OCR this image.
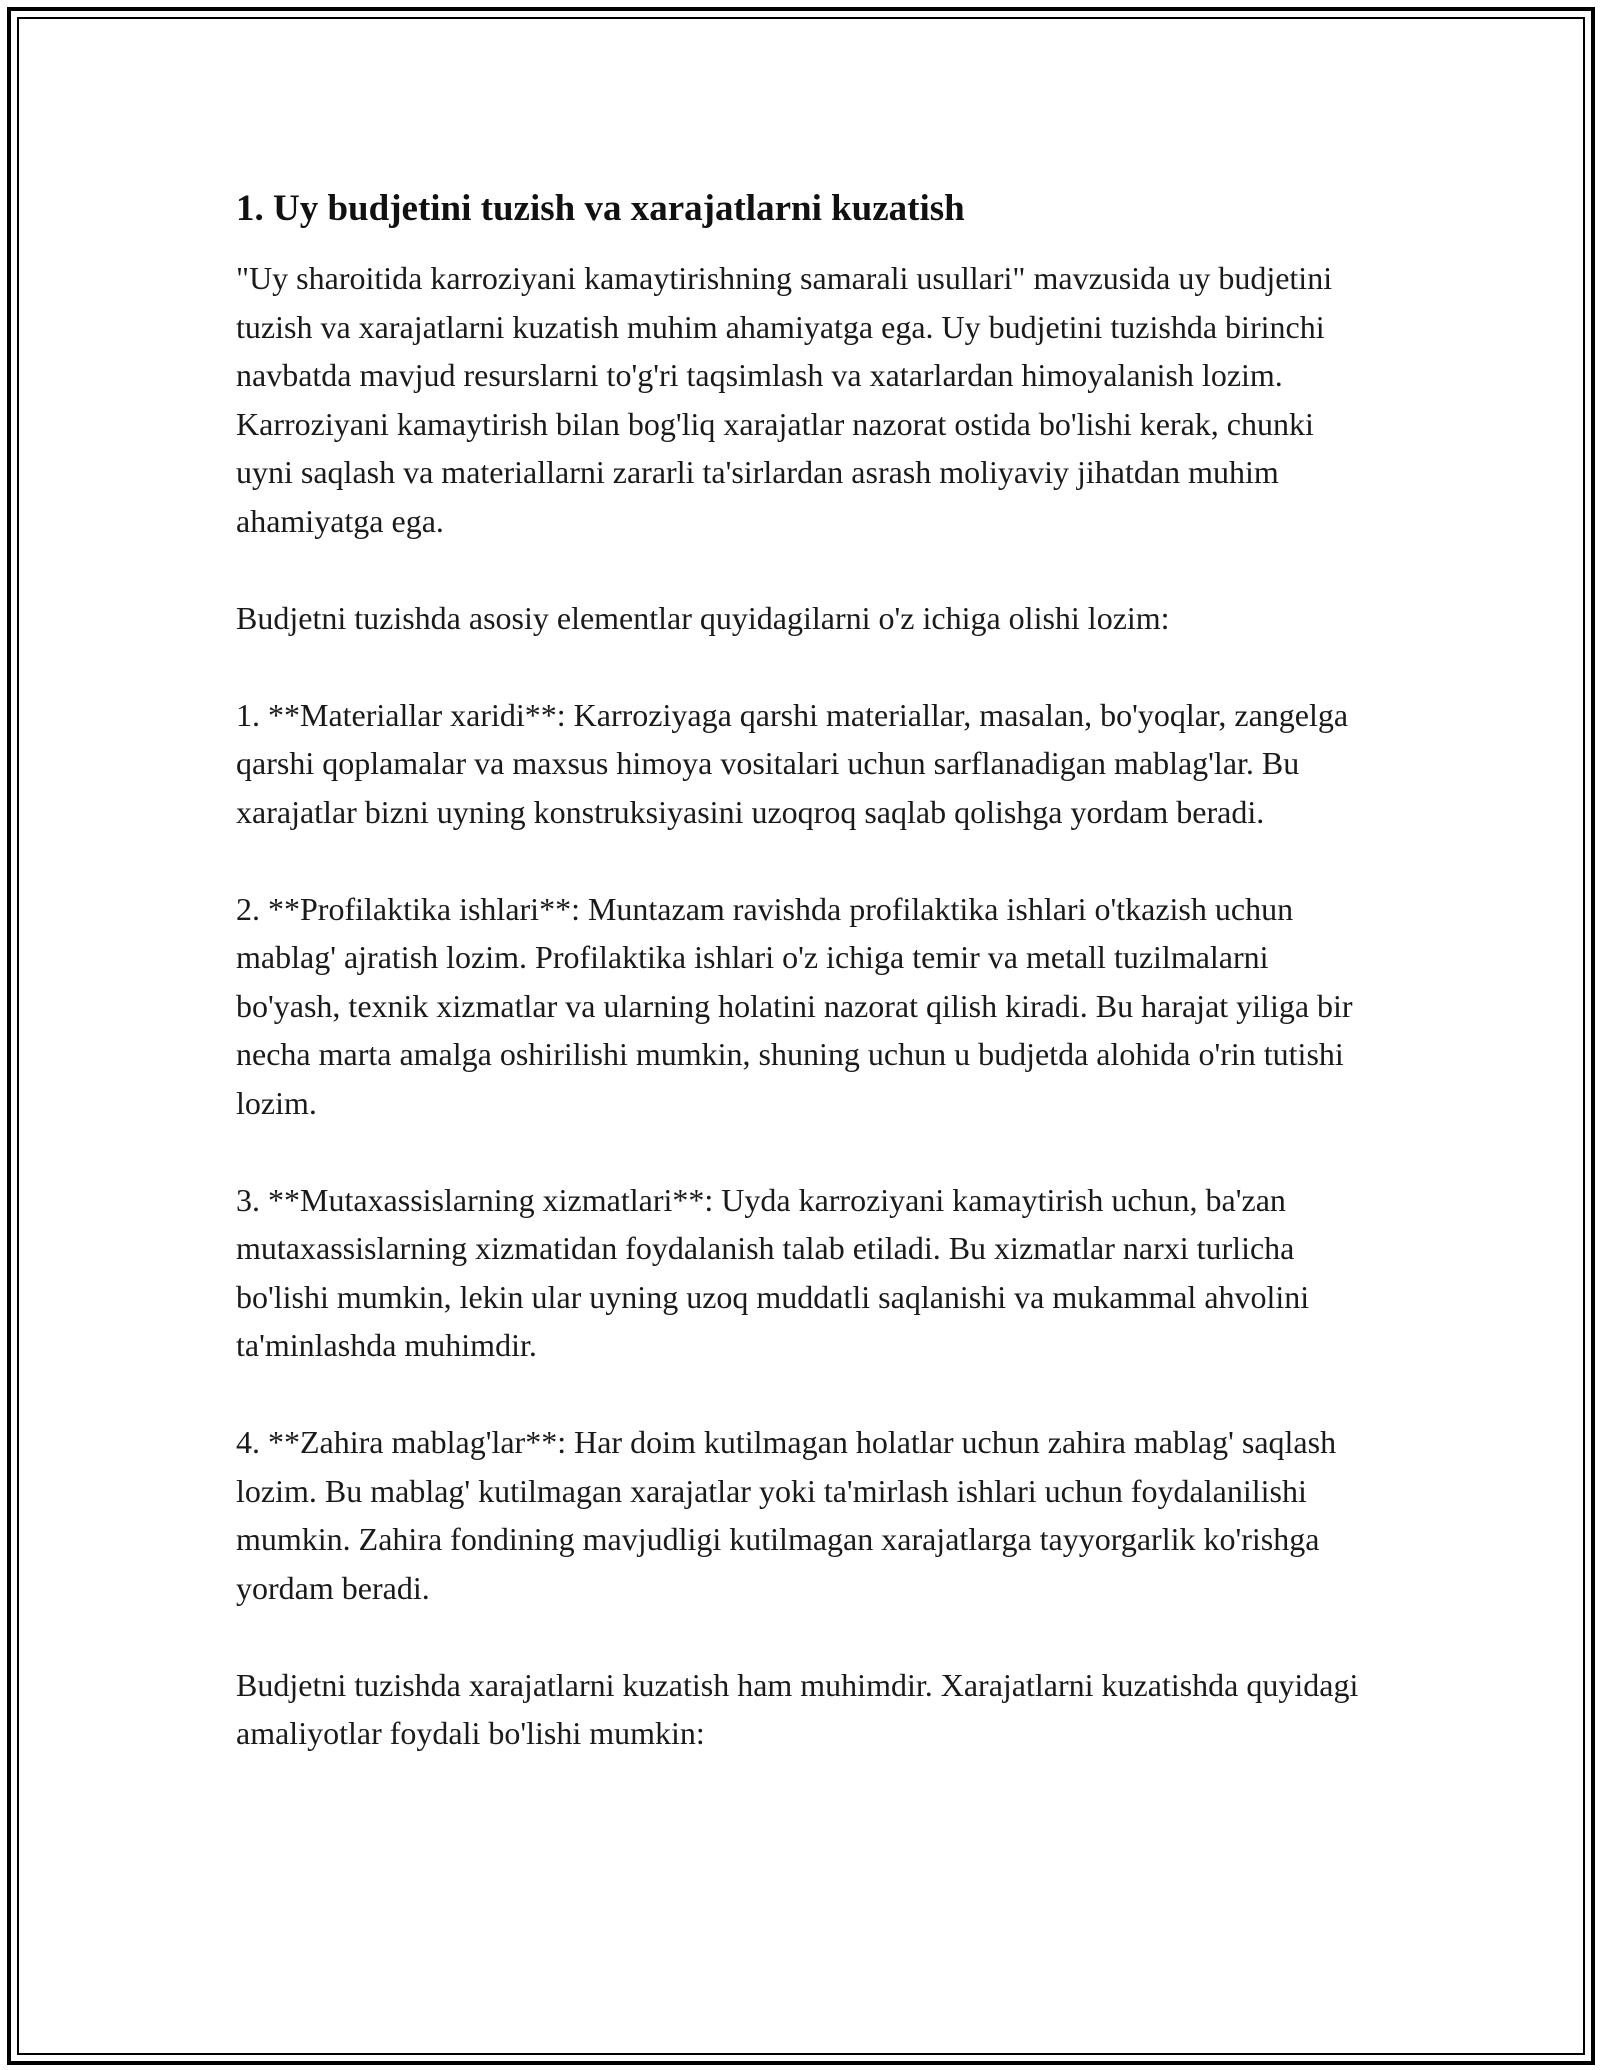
1. Uy budjetini tuzish va xarajatlarni kuzatish

"Uy sharoitida karroziyani kamaytirishning samarali usullari" mavzusida uy budjetini tuzish va xarajatlarni kuzatish muhim ahamiyatga ega. Uy budjetini tuzishda birinchi navbatda mavjud resurslarni to'g'ri taqsimlash va xatarlardan himoyalanish lozim. Karroziyani kamaytirish bilan bog'liq xarajatlar nazorat ostida bo'lishi kerak, chunki uyni saqlash va materiallarni zararli ta'sirlardan asrash moliyaviy jihatdan muhim ahamiyatga ega.

Budjetni tuzishda asosiy elementlar quyidagilarni o'z ichiga olishi lozim:

1. **Materiallar xaridi**: Karroziyaga qarshi materiallar, masalan, bo'yoqlar, zangelga qarshi qoplamalar va maxsus himoya vositalari uchun sarflanadigan mablag'lar. Bu xarajatlar bizni uyning konstruksiyasini uzoqroq saqlab qolishga yordam beradi.

2. **Profilaktika ishlari**: Muntazam ravishda profilaktika ishlari o'tkazish uchun mablag' ajratish lozim. Profilaktika ishlari o'z ichiga temir va metall tuzilmalarni bo'yash, texnik xizmatlar va ularning holatini nazorat qilish kiradi. Bu harajat yiliga bir necha marta amalga oshirilishi mumkin, shuning uchun u budjetda alohida o'rin tutishi lozim.

3. **Mutaxassislarning xizmatlari**: Uyda karroziyani kamaytirish uchun, ba'zan mutaxassislarning xizmatidan foydalanish talab etiladi. Bu xizmatlar narxi turlicha bo'lishi mumkin, lekin ular uyning uzoq muddatli saqlanishi va mukammal ahvolini ta'minlashda muhimdir.

4. **Zahira mablag'lar**: Har doim kutilmagan holatlar uchun zahira mablag' saqlash lozim. Bu mablag' kutilmagan xarajatlar yoki ta'mirlash ishlari uchun foydalanilishi mumkin. Zahira fondining mavjudligi kutilmagan xarajatlarga tayyorgarlik ko'rishga yordam beradi.

Budjetni tuzishda xarajatlarni kuzatish ham muhimdir. Xarajatlarni kuzatishda quyidagi amaliyotlar foydali bo'lishi mumkin:
